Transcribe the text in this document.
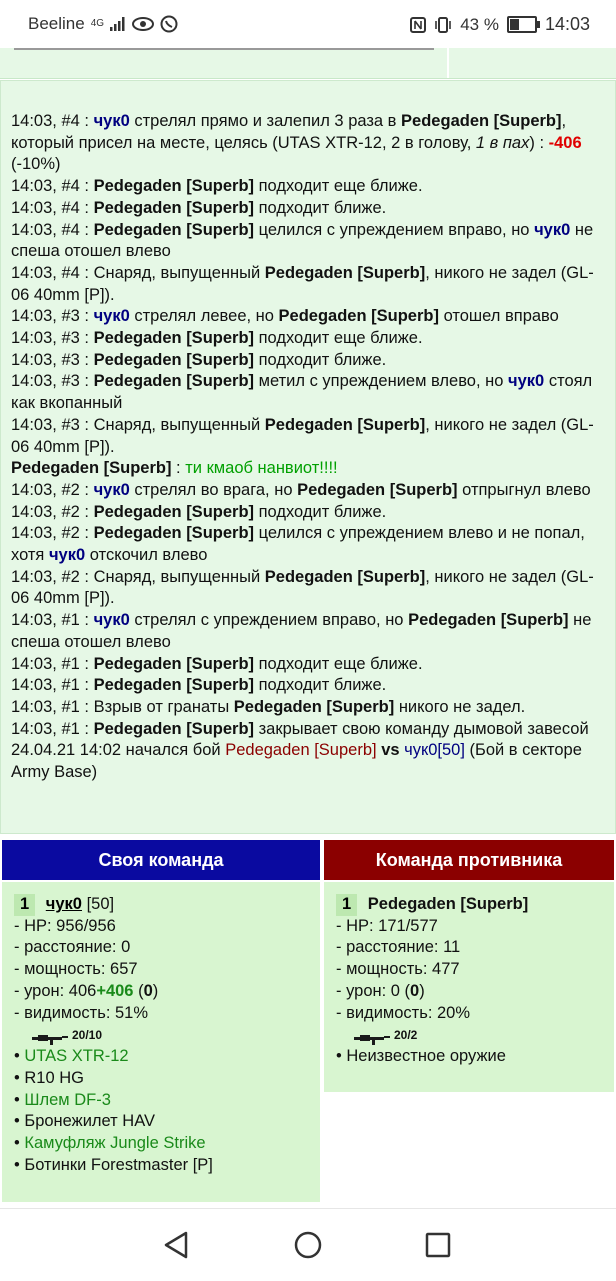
Beeline 4G	43 %	14:03
14:03, #4 : чук0 стрелял прямо и залепил 3 раза в Pedegaden [Superb], который присел на месте, целясь (UTAS XTR-12, 2 в голову, 1 в пах) : -406 (-10%)
14:03, #4 : Pedegaden [Superb] подходит еще ближе.
14:03, #4 : Pedegaden [Superb] подходит ближе.
14:03, #4 : Pedegaden [Superb] целился с упреждением вправо, но чук0 не спеша отошел влево
14:03, #4 : Снаряд, выпущенный Pedegaden [Superb], никого не задел (GL-06 40mm [P]).
14:03, #3 : чук0 стрелял левее, но Pedegaden [Superb] отошел вправо
14:03, #3 : Pedegaden [Superb] подходит еще ближе.
14:03, #3 : Pedegaden [Superb] подходит ближе.
14:03, #3 : Pedegaden [Superb] метил с упреждением влево, но чук0 стоял как вкопанный
14:03, #3 : Снаряд, выпущенный Pedegaden [Superb], никого не задел (GL-06 40mm [P]).
Pedegaden [Superb] : ти кмаоб нанвиот!!!!
14:03, #2 : чук0 стрелял во врага, но Pedegaden [Superb] отпрыгнул влево
14:03, #2 : Pedegaden [Superb] подходит ближе.
14:03, #2 : Pedegaden [Superb] целился с упреждением влево и не попал, хотя чук0 отскочил влево
14:03, #2 : Снаряд, выпущенный Pedegaden [Superb], никого не задел (GL-06 40mm [P]).
14:03, #1 : чук0 стрелял с упреждением вправо, но Pedegaden [Superb] не спеша отошел влево
14:03, #1 : Pedegaden [Superb] подходит еще ближе.
14:03, #1 : Pedegaden [Superb] подходит ближе.
14:03, #1 : Взрыв от гранаты Pedegaden [Superb] никого не задел.
14:03, #1 : Pedegaden [Superb] закрывает свою команду дымовой завесой
24.04.21 14:02 начался бой Pedegaden [Superb] vs чук0[50] (Бой в секторе Army Base)
Своя команда	Команда противника
1 чук0 [50]
- HP: 956/956
- расстояние: 0
- мощность: 657
- урон: 406+406 (0)
- видимость: 51%
20/10
• UTAS XTR-12
• R10 HG
• Шлем DF-3
• Бронежилет HAV
• Камуфляж Jungle Strike
• Ботинки Forestmaster [P]
1 Pedegaden [Superb]
- HP: 171/577
- расстояние: 11
- мощность: 477
- урон: 0 (0)
- видимость: 20%
20/2
• Неизвестное оружие
